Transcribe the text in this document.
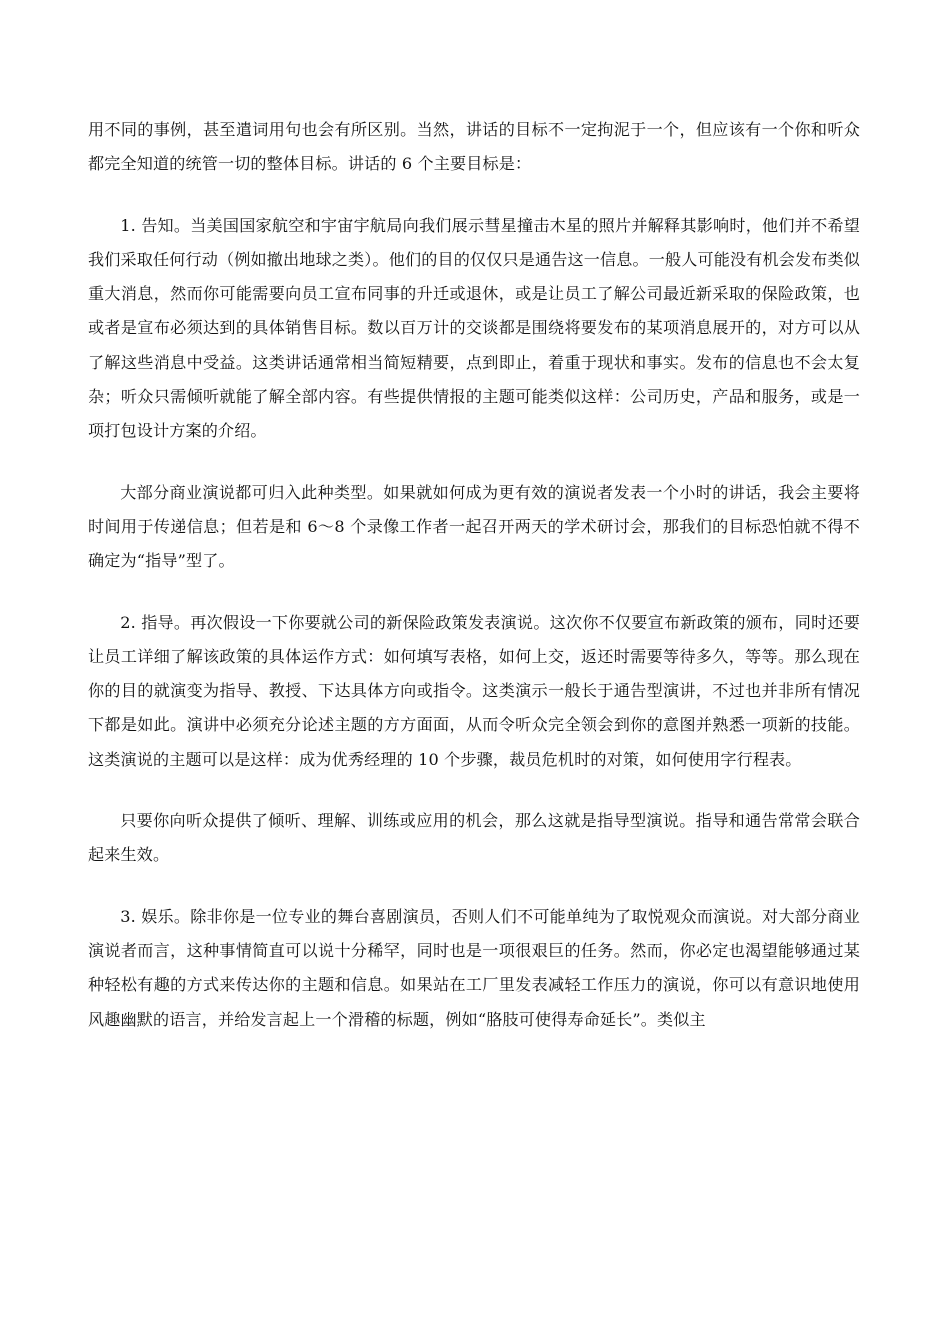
用不同的事例，甚至遣词用句也会有所区别。当然，讲话的目标不一定拘泥于一个，但应该有一个你和听众都完全知道的统管一切的整体目标。讲话的 6 个主要目标是：

1. 告知。当美国国家航空和宇宙宇航局向我们展示彗星撞击木星的照片并解释其影响时，他们并不希望我们采取任何行动（例如撤出地球之类）。他们的目的仅仅只是通告这一信息。一般人可能没有机会发布类似重大消息，然而你可能需要向员工宣布同事的升迁或退休，或是让员工了解公司最近新采取的保险政策，也或者是宣布必须达到的具体销售目标。数以百万计的交谈都是围绕将要发布的某项消息展开的，对方可以从了解这些消息中受益。这类讲话通常相当简短精要，点到即止，着重于现状和事实。发布的信息也不会太复杂；听众只需倾听就能了解全部内容。有些提供情报的主题可能类似这样：公司历史，产品和服务，或是一项打包设计方案的介绍。

大部分商业演说都可归入此种类型。如果就如何成为更有效的演说者发表一个小时的讲话，我会主要将时间用于传递信息；但若是和 6～8 个录像工作者一起召开两天的学术研讨会，那我们的目标恐怕就不得不确定为“指导”型了。

2. 指导。再次假设一下你要就公司的新保险政策发表演说。这次你不仅要宣布新政策的颁布，同时还要让员工详细了解该政策的具体运作方式：如何填写表格，如何上交，返还时需要等待多久，等等。那么现在你的目的就演变为指导、教授、下达具体方向或指令。这类演示一般长于通告型演讲，不过也并非所有情况下都是如此。演讲中必须充分论述主题的方方面面，从而令听众完全领会到你的意图并熟悉一项新的技能。这类演说的主题可以是这样：成为优秀经理的 10 个步骤，裁员危机时的对策，如何使用字行程表。

只要你向听众提供了倾听、理解、训练或应用的机会，那么这就是指导型演说。指导和通告常常会联合起来生效。

3. 娱乐。除非你是一位专业的舞台喜剧演员，否则人们不可能单纯为了取悦观众而演说。对大部分商业演说者而言，这种事情简直可以说十分稀罕，同时也是一项很艰巨的任务。然而，你必定也渴望能够通过某种轻松有趣的方式来传达你的主题和信息。如果站在工厂里发表减轻工作压力的演说，你可以有意识地使用风趣幽默的语言，并给发言起上一个滑稽的标题，例如“胳肢可使得寿命延长”。类似主
